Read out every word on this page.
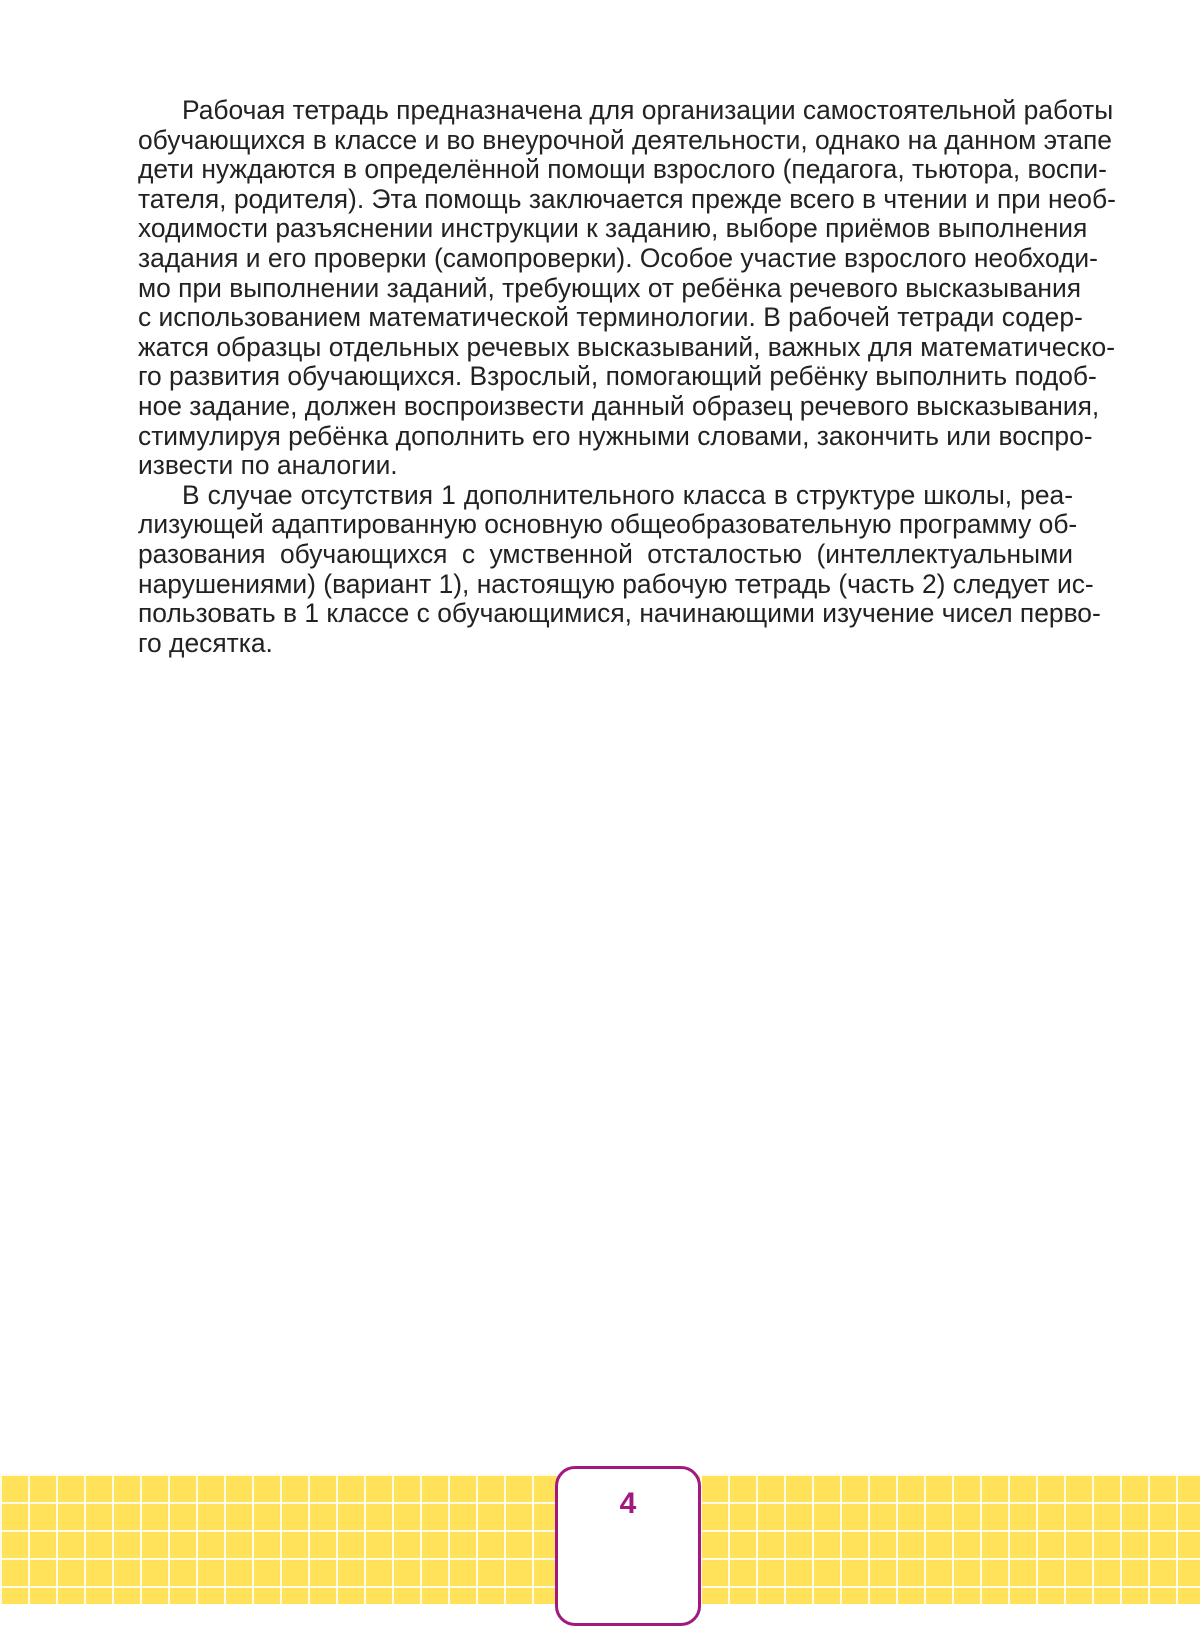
Рабочая тетрадь предназначена для организации самостоятельной работы
обучающихся в классе и во внеурочной деятельности, однако на данном этапе
дети нуждаются в определённой помощи взрослого (педагога, тьютора, воспи-
тателя, родителя). Эта помощь заключается прежде всего в чтении и при необ-
ходимости разъяснении инструкции к заданию, выборе приёмов выполнения
задания и его проверки (самопроверки). Особое участие взрослого необходи-
мо при выполнении заданий, требующих от ребёнка речевого высказывания
с использованием математической терминологии. В рабочей тетради содер-
жатся образцы отдельных речевых высказываний, важных для математическо-
го развития обучающихся. Взрослый, помогающий ребёнку выполнить подоб-
ное задание, должен воспроизвести данный образец речевого высказывания,
стимулируя ребёнка дополнить его нужными словами, закончить или воспро-
извести по аналогии.
В случае отсутствия 1 дополнительного класса в структуре школы, реа-
лизующей адаптированную основную общеобразовательную программу об-
разования обучающихся с умственной отсталостью (интеллектуальными
нарушениями) (вариант 1), настоящую рабочую тетрадь (часть 2) следует ис-
пользовать в 1 классе с обучающимися, начинающими изучение чисел перво-
го десятка.
4
